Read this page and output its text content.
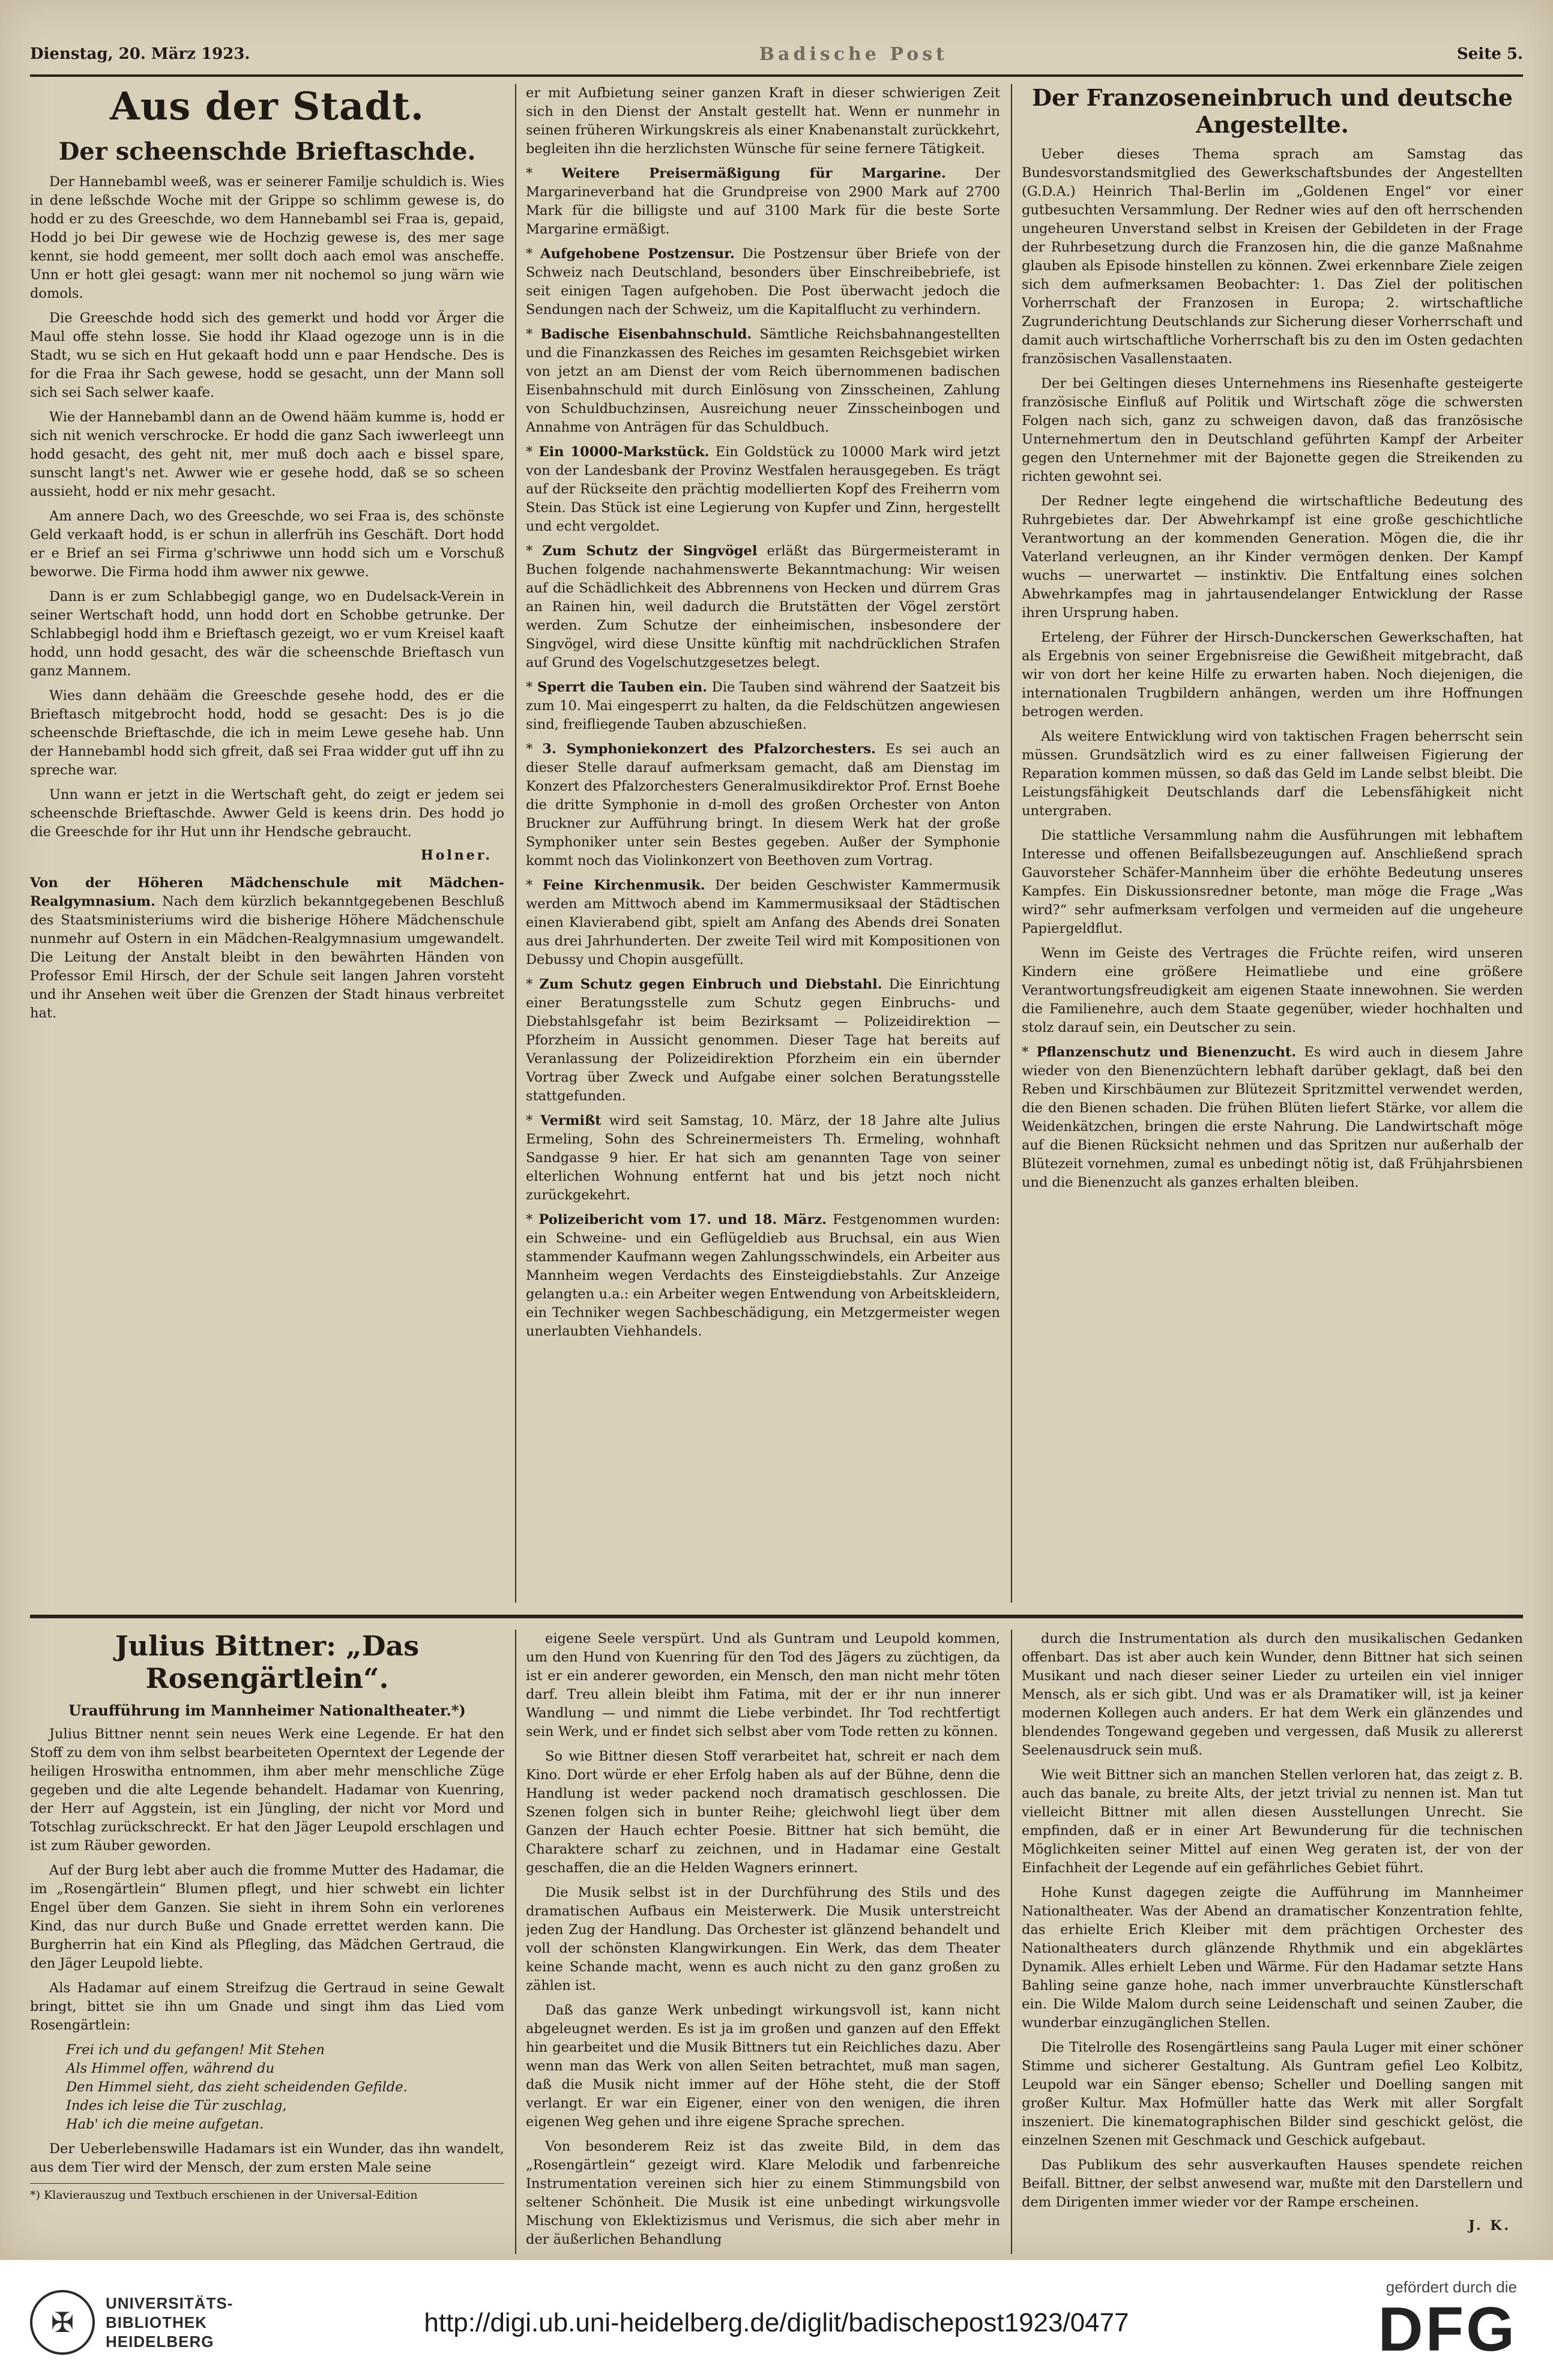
Dienstag, 20. März 1923.	Badische Post	Seite 5.
Aus der Stadt.
Der scheenschde Brieftaschde.

Der Hannebambl weeß, was er seinerer Familje schuldich is. Wies in dene leßschde Woche mit der Grippe so schlimm gewese is, do hodd er zu des Greeschde, wo dem Hannebambl sei Fraa is, gepaid, Hodd jo bei Dir gewese wie de Hochzig gewese is, des mer sage kennt, sie hodd gemeent, mer sollt doch aach emol was anscheffe. Unn er hott glei gesagt: wann mer nit nochemol so jung wärn wie domols.

Die Greeschde hodd sich des gemerkt und hodd vor Ärger die Maul offe stehn losse. Sie hodd ihr Klaad ogezoge unn is in die Stadt, wu se sich en Hut gekaaft hodd unn e paar Hendsche. Des is for die Fraa ihr Sach gewese, hodd se gesacht, unn der Mann soll sich sei Sach selwer kaafe.

Wie der Hannebambl dann an de Owend hääm kumme is, hodd er sich nit wenich verschrocke. Er hodd die ganz Sach iwwerleegt unn hodd gesacht, des geht nit, mer muß doch aach e bissel spare, sunscht langt's net. Awwer wie er gesehe hodd, daß se so scheen aussieht, hodd er nix mehr gesacht.

Am annere Dach, wo des Greeschde, wo sei Fraa is, des schönste Geld verkaaft hodd, is er schun in allerfrüh ins Geschäft. Dort hodd er e Brief an sei Firma g'schriwwe unn hodd sich um e Vorschuß beworwe. Die Firma hodd ihm awwer nix gewwe.

Dann is er zum Schlabbegigl gange, wo en Dudelsack-Verein in seiner Wertschaft hodd, unn hodd dort en Schobbe getrunke. Der Schlabbegigl hodd ihm e Brieftasch gezeigt, wo er vum Kreisel kaaft hodd, unn hodd gesacht, des wär die scheenschde Brieftasch vun ganz Mannem.

Wies dann dehääm die Greeschde gesehe hodd, des er die Brieftasch mitgebrocht hodd, hodd se gesacht: Des is jo die scheenschde Brieftaschde, die ich in meim Lewe gesehe hab. Unn der Hannebambl hodd sich gfreit, daß sei Fraa widder gut uff ihn zu spreche war.

Unn wann er jetzt in die Wertschaft geht, do zeigt er jedem sei scheenschde Brieftaschde. Awwer Geld is keens drin. Des hodd jo die Greeschde for ihr Hut unn ihr Hendsche gebraucht.

Holner.
Von der Höheren Mädchenschule mit Mädchen-Realgymnasium. Nach dem kürzlich bekanntgegebenen Beschluß des Staatsministeriums wird die bisherige Höhere Mädchenschule nunmehr auf Ostern in ein Mädchen-Realgymnasium umgewandelt. Die Leitung der Anstalt bleibt in den bewährten Händen von Professor Emil Hirsch, der der Schule seit langen Jahren vorsteht und ihr Ansehen weit über die Grenzen der Stadt hinaus verbreitet hat.

er mit Aufbietung seiner ganzen Kraft in dieser schwierigen Zeit sich in den Dienst der Anstalt gestellt hat. Wenn er nunmehr in seinen früheren Wirkungskreis als einer Knabenanstalt zurückkehrt, begleiten ihn die herzlichsten Wünsche für seine fernere Tätigkeit.

* Weitere Preisermäßigung für Margarine. Der Margarineverband hat die Grundpreise von 2900 Mark auf 2700 Mark für die billigste und auf 3100 Mark für die beste Sorte Margarine ermäßigt.
* Aufgehobene Postzensur. Die Postzensur über Briefe von der Schweiz nach Deutschland, besonders über Einschreibebriefe, ist seit einigen Tagen aufgehoben. Die Post überwacht jedoch die Sendungen nach der Schweiz, um die Kapitalflucht zu verhindern.
* Badische Eisenbahnschuld. Sämtliche Reichsbahnangestellten und die Finanzkassen des Reiches im gesamten Reichsgebiet wirken von jetzt an am Dienst der vom Reich übernommenen badischen Eisenbahnschuld mit durch Einlösung von Zinsscheinen, Zahlung von Schuldbuchzinsen, Ausreichung neuer Zinsscheinbogen und Annahme von Anträgen für das Schuldbuch.
* Ein 10000-Markstück. Ein Goldstück zu 10000 Mark wird jetzt von der Landesbank der Provinz Westfalen herausgegeben. Es trägt auf der Rückseite den prächtig modellierten Kopf des Freiherrn vom Stein. Das Stück ist eine Legierung von Kupfer und Zinn, hergestellt und echt vergoldet.
* Zum Schutz der Singvögel erläßt das Bürgermeisteramt in Buchen folgende nachahmenswerte Bekanntmachung: Wir weisen auf die Schädlichkeit des Abbrennens von Hecken und dürrem Gras an Rainen hin, weil dadurch die Brutstätten der Vögel zerstört werden. Zum Schutze der einheimischen, insbesondere der Singvögel, wird diese Unsitte künftig mit nachdrücklichen Strafen auf Grund des Vogelschutzgesetzes belegt.
* Sperrt die Tauben ein. Die Tauben sind während der Saatzeit bis zum 10. Mai eingesperrt zu halten, da die Feldschützen angewiesen sind, freifliegende Tauben abzuschießen.
* 3. Symphoniekonzert des Pfalzorchesters. Es sei auch an dieser Stelle darauf aufmerksam gemacht, daß am Dienstag im Konzert des Pfalzorchesters Generalmusikdirektor Prof. Ernst Boehe die dritte Symphonie in d-moll des großen Orchester von Anton Bruckner zur Aufführung bringt. In diesem Werk hat der große Symphoniker unter sein Bestes gegeben. Außer der Symphonie kommt noch das Violinkonzert von Beethoven zum Vortrag.
* Feine Kirchenmusik. Der beiden Geschwister Kammermusik werden am Mittwoch abend im Kammermusiksaal der Städtischen einen Klavierabend gibt, spielt am Anfang des Abends drei Sonaten aus drei Jahrhunderten. Der zweite Teil wird mit Kompositionen von Debussy und Chopin ausgefüllt.
* Zum Schutz gegen Einbruch und Diebstahl. Die Einrichtung einer Beratungsstelle zum Schutz gegen Einbruchs- und Diebstahlsgefahr ist beim Bezirksamt — Polizeidirektion — Pforzheim in Aussicht genommen. Dieser Tage hat bereits auf Veranlassung der Polizeidirektion Pforzheim ein ein übernder Vortrag über Zweck und Aufgabe einer solchen Beratungsstelle stattgefunden.
* Vermißt wird seit Samstag, 10. März, der 18 Jahre alte Julius Ermeling, Sohn des Schreinermeisters Th. Ermeling, wohnhaft Sandgasse 9 hier. Er hat sich am genannten Tage von seiner elterlichen Wohnung entfernt hat und bis jetzt noch nicht zurückgekehrt.
* Polizeibericht vom 17. und 18. März. Festgenommen wurden: ein Schweine- und ein Geflügeldieb aus Bruchsal, ein aus Wien stammender Kaufmann wegen Zahlungsschwindels, ein Arbeiter aus Mannheim wegen Verdachts des Einsteigdiebstahls. Zur Anzeige gelangten u.a.: ein Arbeiter wegen Entwendung von Arbeitskleidern, ein Techniker wegen Sachbeschädigung, ein Metzgermeister wegen unerlaubten Viehhandels.
Der Franzoseneinbruch und deutsche Angestellte.

Ueber dieses Thema sprach am Samstag das Bundesvorstandsmitglied des Gewerkschaftsbundes der Angestellten (G.D.A.) Heinrich Thal-Berlin im „Goldenen Engel“ vor einer gutbesuchten Versammlung. Der Redner wies auf den oft herrschenden ungeheuren Unverstand selbst in Kreisen der Gebildeten in der Frage der Ruhrbesetzung durch die Franzosen hin, die die ganze Maßnahme glauben als Episode hinstellen zu können. Zwei erkennbare Ziele zeigen sich dem aufmerksamen Beobachter: 1. Das Ziel der politischen Vorherrschaft der Franzosen in Europa; 2. wirtschaftliche Zugrunderichtung Deutschlands zur Sicherung dieser Vorherrschaft und damit auch wirtschaftliche Vorherrschaft bis zu den im Osten gedachten französischen Vasallenstaaten.

Der bei Geltingen dieses Unternehmens ins Riesenhafte gesteigerte französische Einfluß auf Politik und Wirtschaft zöge die schwersten Folgen nach sich, ganz zu schweigen davon, daß das französische Unternehmertum den in Deutschland geführten Kampf der Arbeiter gegen den Unternehmer mit der Bajonette gegen die Streikenden zu richten gewohnt sei.

Der Redner legte eingehend die wirtschaftliche Bedeutung des Ruhrgebietes dar. Der Abwehrkampf ist eine große geschichtliche Verantwortung an der kommenden Generation. Mögen die, die ihr Vaterland verleugnen, an ihr Kinder vermögen denken. Der Kampf wuchs — unerwartet — instinktiv. Die Entfaltung eines solchen Abwehrkampfes mag in jahrtausendelanger Entwicklung der Rasse ihren Ursprung haben.

Erteleng, der Führer der Hirsch-Dunckerschen Gewerkschaften, hat als Ergebnis von seiner Ergebnisreise die Gewißheit mitgebracht, daß wir von dort her keine Hilfe zu erwarten haben. Noch diejenigen, die internationalen Trugbildern anhängen, werden um ihre Hoffnungen betrogen werden.

Als weitere Entwicklung wird von taktischen Fragen beherrscht sein müssen. Grundsätzlich wird es zu einer fallweisen Figierung der Reparation kommen müssen, so daß das Geld im Lande selbst bleibt. Die Leistungsfähigkeit Deutschlands darf die Lebensfähigkeit nicht untergraben.

Die stattliche Versammlung nahm die Ausführungen mit lebhaftem Interesse und offenen Beifallsbezeugungen auf. Anschließend sprach Gauvorsteher Schäfer-Mannheim über die erhöhte Bedeutung unseres Kampfes. Ein Diskussionsredner betonte, man möge die Frage „Was wird?“ sehr aufmerksam verfolgen und vermeiden auf die ungeheure Papiergeldflut.

Wenn im Geiste des Vertrages die Früchte reifen, wird unseren Kindern eine größere Heimatliebe und eine größere Verantwortungsfreudigkeit am eigenen Staate innewohnen. Sie werden die Familienehre, auch dem Staate gegenüber, wieder hochhalten und stolz darauf sein, ein Deutscher zu sein.

* Pflanzenschutz und Bienenzucht. Es wird auch in diesem Jahre wieder von den Bienenzüchtern lebhaft darüber geklagt, daß bei den Reben und Kirschbäumen zur Blütezeit Spritzmittel verwendet werden, die den Bienen schaden. Die frühen Blüten liefert Stärke, vor allem die Weidenkätzchen, bringen die erste Nahrung. Die Landwirtschaft möge auf die Bienen Rücksicht nehmen und das Spritzen nur außerhalb der Blütezeit vornehmen, zumal es unbedingt nötig ist, daß Frühjahrsbienen und die Bienenzucht als ganzes erhalten bleiben.
Julius Bittner: „Das Rosengärtlein“.
Uraufführung im Mannheimer Nationaltheater.*)

Julius Bittner nennt sein neues Werk eine Legende. Er hat den Stoff zu dem von ihm selbst bearbeiteten Operntext der Legende der heiligen Hroswitha entnommen, ihm aber mehr menschliche Züge gegeben und die alte Legende behandelt. Hadamar von Kuenring, der Herr auf Aggstein, ist ein Jüngling, der nicht vor Mord und Totschlag zurückschreckt. Er hat den Jäger Leupold erschlagen und ist zum Räuber geworden.

Auf der Burg lebt aber auch die fromme Mutter des Hadamar, die im „Rosengärtlein“ Blumen pflegt, und hier schwebt ein lichter Engel über dem Ganzen. Sie sieht in ihrem Sohn ein verlorenes Kind, das nur durch Buße und Gnade errettet werden kann. Die Burgherrin hat ein Kind als Pflegling, das Mädchen Gertraud, die den Jäger Leupold liebte.

Als Hadamar auf einem Streifzug die Gertraud in seine Gewalt bringt, bittet sie ihn um Gnade und singt ihm das Lied vom Rosengärtlein:

Frei ich und du gefangen! Mit Stehen
Als Himmel offen, während du
Den Himmel sieht, das zieht scheidenden Gefilde.
Indes ich leise die Tür zuschlag,
Hab' ich die meine aufgetan.

Der Ueberlebenswille Hadamars ist ein Wunder, das ihn wandelt, aus dem Tier wird der Mensch, der zum ersten Male seine

*) Klavierauszug und Textbuch erschienen in der Universal-Edition

eigene Seele verspürt. Und als Guntram und Leupold kommen, um den Hund von Kuenring für den Tod des Jägers zu züchtigen, da ist er ein anderer geworden, ein Mensch, den man nicht mehr töten darf. Treu allein bleibt ihm Fatima, mit der er ihr nun innerer Wandlung — und nimmt die Liebe verbindet. Ihr Tod rechtfertigt sein Werk, und er findet sich selbst aber vom Tode retten zu können.

So wie Bittner diesen Stoff verarbeitet hat, schreit er nach dem Kino. Dort würde er eher Erfolg haben als auf der Bühne, denn die Handlung ist weder packend noch dramatisch geschlossen. Die Szenen folgen sich in bunter Reihe; gleichwohl liegt über dem Ganzen der Hauch echter Poesie. Bittner hat sich bemüht, die Charaktere scharf zu zeichnen, und in Hadamar eine Gestalt geschaffen, die an die Helden Wagners erinnert.

Die Musik selbst ist in der Durchführung des Stils und des dramatischen Aufbaus ein Meisterwerk. Die Musik unterstreicht jeden Zug der Handlung. Das Orchester ist glänzend behandelt und voll der schönsten Klangwirkungen. Ein Werk, das dem Theater keine Schande macht, wenn es auch nicht zu den ganz großen zu zählen ist.

Daß das ganze Werk unbedingt wirkungsvoll ist, kann nicht abgeleugnet werden. Es ist ja im großen und ganzen auf den Effekt hin gearbeitet und die Musik Bittners tut ein Reichliches dazu. Aber wenn man das Werk von allen Seiten betrachtet, muß man sagen, daß die Musik nicht immer auf der Höhe steht, die der Stoff verlangt. Er war ein Eigener, einer von den wenigen, die ihren eigenen Weg gehen und ihre eigene Sprache sprechen.

Von besonderem Reiz ist das zweite Bild, in dem das „Rosengärtlein“ gezeigt wird. Klare Melodik und farbenreiche Instrumentation vereinen sich hier zu einem Stimmungsbild von seltener Schönheit. Die Musik ist eine unbedingt wirkungsvolle Mischung von Eklektizismus und Verismus, die sich aber mehr in der äußerlichen Behandlung

durch die Instrumentation als durch den musikalischen Gedanken offenbart. Das ist aber auch kein Wunder, denn Bittner hat sich seinen Musikant und nach dieser seiner Lieder zu urteilen ein viel inniger Mensch, als er sich gibt. Und was er als Dramatiker will, ist ja keiner modernen Kollegen auch anders. Er hat dem Werk ein glänzendes und blendendes Tongewand gegeben und vergessen, daß Musik zu allererst Seelenausdruck sein muß.

Wie weit Bittner sich an manchen Stellen verloren hat, das zeigt z. B. auch das banale, zu breite Alts, der jetzt trivial zu nennen ist. Man tut vielleicht Bittner mit allen diesen Ausstellungen Unrecht. Sie empfinden, daß er in einer Art Bewunderung für die technischen Möglichkeiten seiner Mittel auf einen Weg geraten ist, der von der Einfachheit der Legende auf ein gefährliches Gebiet führt.

Hohe Kunst dagegen zeigte die Aufführung im Mannheimer Nationaltheater. Was der Abend an dramatischer Konzentration fehlte, das erhielte Erich Kleiber mit dem prächtigen Orchester des Nationaltheaters durch glänzende Rhythmik und ein abgeklärtes Dynamik. Alles erhielt Leben und Wärme. Für den Hadamar setzte Hans Bahling seine ganze hohe, nach immer unverbrauchte Künstlerschaft ein. Die Wilde Malom durch seine Leidenschaft und seinen Zauber, die wunderbar einzugänglichen Stellen.

Die Titelrolle des Rosengärtleins sang Paula Luger mit einer schöner Stimme und sicherer Gestaltung. Als Guntram gefiel Leo Kolbitz, Leupold war ein Sänger ebenso; Scheller und Doelling sangen mit großer Kultur. Max Hofmüller hatte das Werk mit aller Sorgfalt inszeniert. Die kinematographischen Bilder sind geschickt gelöst, die einzelnen Szenen mit Geschmack und Geschick aufgebaut.

Das Publikum des sehr ausverkauften Hauses spendete reichen Beifall. Bittner, der selbst anwesend war, mußte mit den Darstellern und dem Dirigenten immer wieder vor der Rampe erscheinen.

J. K.
✠
UNIVERSITÄTS-
BIBLIOTHEK
HEIDELBERG
http://digi.ub.uni-heidelberg.de/diglit/badischepost1923/0477
gefördert durch die
DFG
